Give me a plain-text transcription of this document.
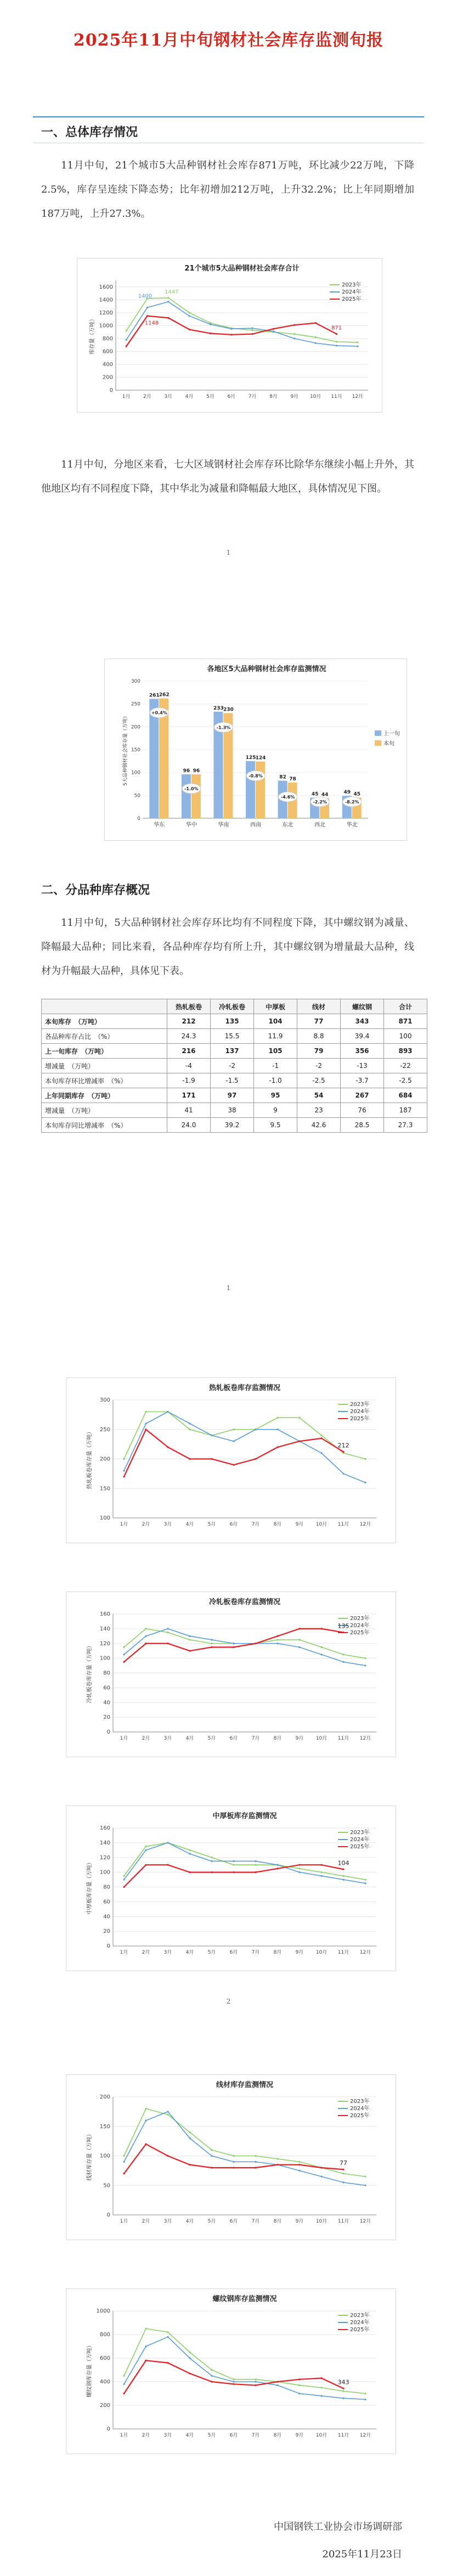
2025年11月中旬钢材社会库存监测旬报
一、总体库存情况
11月中旬，21个城市5大品种钢材社会库存871万吨，环比减少22万吨，下降2.5%，库存呈连续下降态势；比年初增加212万吨，上升32.2%；比上年同期增加187万吨，上升27.3%。
21个城市5大品种钢材社会库存合计
库存量（万吨）
0
200
400
600
800
1000
1200
1400
1600
1月	2月	3月	4月	5月	6月	7月	8月	9月 10月 11月 12月
2023年
2024年
2025年
1400
1447
1148
871
11月中旬，分地区来看，七大区域钢材社会库存环比除华东继续小幅上升外，其他地区均有不同程度下降，其中华北为减量和降幅最大地区，具体情况见下图。
1
各地区5大品种钢材社会库存监测情况
5大品种钢材社会库存量（万吨）
0
50
100
150
200
250
300
261 262
+0.4%
华东
96 96
-1.0%
华中
233 230
-1.3%
华南
125 124
-0.8%
西南
82 78
-4.6%
东北
45 44
-2.2%
西北
49 45
-8.2%
华北
上一旬
本旬
二、分品种库存概况
11月中旬，5大品种钢材社会库存环比均有不同程度下降，其中螺纹钢为减量、降幅最大品种；同比来看，各品种库存均有所上升，其中螺纹钢为增量最大品种，线材为升幅最大品种，具体见下表。
	热轧板卷	冷轧板卷	中厚板	线材	螺纹钢	合计
本旬库存　（万吨）	212	135	104	77	343	871
各品种库存占比　（%）	24.3	15.5	11.9	8.8	39.4	100
上一旬库存　（万吨）	216	137	105	79	356	893
增减量　（万吨）	-4	-2	-1	-2	-13	-22
本旬库存环比增减率　（%）	-1.9	-1.5	-1.0	-2.5	-3.7	-2.5
上年同期库存　（万吨）	171	97	95	54	267	684
增减量　（万吨）	41	38	9	23	76	187
本旬库存同比增减率　（%）	24.0	39.2	9.5	42.6	28.5	27.3
1
热轧板卷库存监测情况
热轧板卷库存量（万吨）
100
150
200
250
300
1月	2月	3月	4月	5月	6月	7月	8月	9月 10月 11月 12月
2023年
2024年
2025年
212
冷轧板卷库存监测情况
冷轧板卷库存量（万吨）
0
20
40
60
80
100
120
140
160
1月	2月	3月	4月	5月	6月	7月	8月	9月 10月 11月 12月
2023年
2024年
2025年
135
中厚板库存监测情况
中厚板库存量（万吨）
0
20
40
60
80
100
120
140
160
1月	2月	3月	4月	5月	6月	7月	8月	9月 10月 11月 12月
2023年
2024年
2025年
104
2
线材库存监测情况
线材库存量（万吨）
0
50
100
150
200
1月	2月	3月	4月	5月	6月	7月	8月	9月 10月 11月 12月
2023年
2024年
2025年
77
螺纹钢库存监测情况
螺纹钢库存量（万吨）
0
200
400
600
800
1000
1月	2月	3月	4月	5月	6月	7月	8月	9月 10月 11月 12月
2023年
2024年
2025年
343
中国钢铁工业协会市场调研部
2025年11月23日
